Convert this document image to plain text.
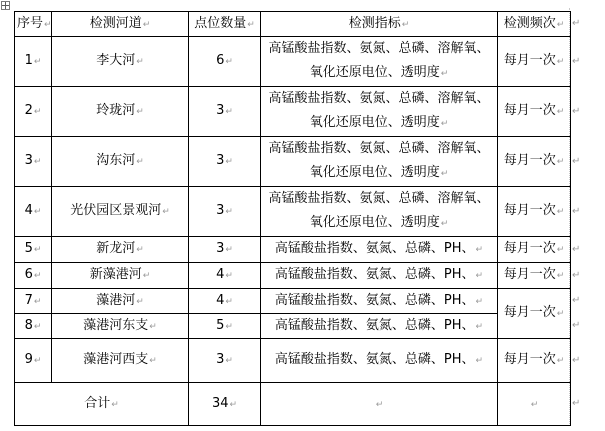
序号↵	检测河道↵	点位数量↵	检测指标↵	检测频次↵
1↵	李大河↵	6↵	高锰酸盐指数、氨氮、总磷、溶解氧、氧化还原电位、透明度↵	每月一次↵
2↵	玲珑河↵	3↵	高锰酸盐指数、氨氮、总磷、溶解氧、氧化还原电位、透明度↵	每月一次↵
3↵	沟东河↵	3↵	高锰酸盐指数、氨氮、总磷、溶解氧、氧化还原电位、透明度↵	每月一次↵
4↵	光伏园区景观河↵	3↵	高锰酸盐指数、氨氮、总磷、溶解氧、氧化还原电位、透明度↵	每月一次↵
5↵	新龙河↵	3↵	高锰酸盐指数、氨氮、总磷、PH、↵	每月一次↵
6↵	新藻港河↵	4↵	高锰酸盐指数、氨氮、总磷、PH、↵	每月一次↵
7↵	藻港河↵	4↵	高锰酸盐指数、氨氮、总磷、PH、↵	每月一次↵
8↵	藻港河东支↵	5↵	高锰酸盐指数、氨氮、总磷、PH、↵	
9↵	藻港河西支↵	3↵	高锰酸盐指数、氨氮、总磷、PH、↵	每月一次↵
合计↵		34↵	↵	↵
↵
↵
↵
↵
↵
↵
↵
↵
↵
↵
↵
